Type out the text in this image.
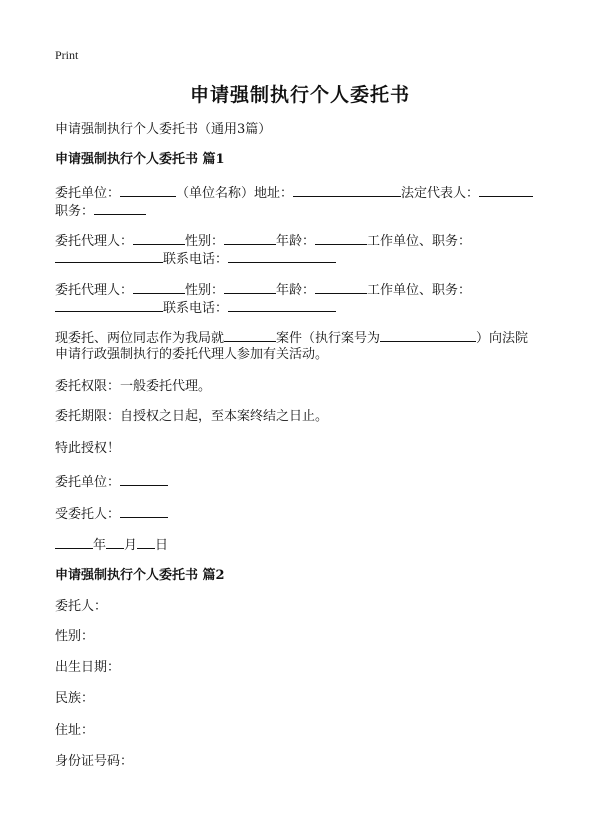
Print
申请强制执行个人委托书
申请强制执行个人委托书（通用3篇）
申请强制执行个人委托书 篇1
委托单位：	（单位名称）地址：	法定代表人：
职务：
委托代理人：	性别：	年龄：	工作单位、职务：
联系电话：
委托代理人：	性别：	年龄：	工作单位、职务：
联系电话：
现委托、两位同志作为我局就	案件（执行案号为	）向法院
申请行政强制执行的委托代理人参加有关活动。
委托权限：一般委托代理。
委托期限：自授权之日起，至本案终结之日止。
特此授权！
委托单位：
受委托人：
年 月 日
申请强制执行个人委托书 篇2
委托人：
性别：
出生日期：
民族：
住址：
身份证号码：
